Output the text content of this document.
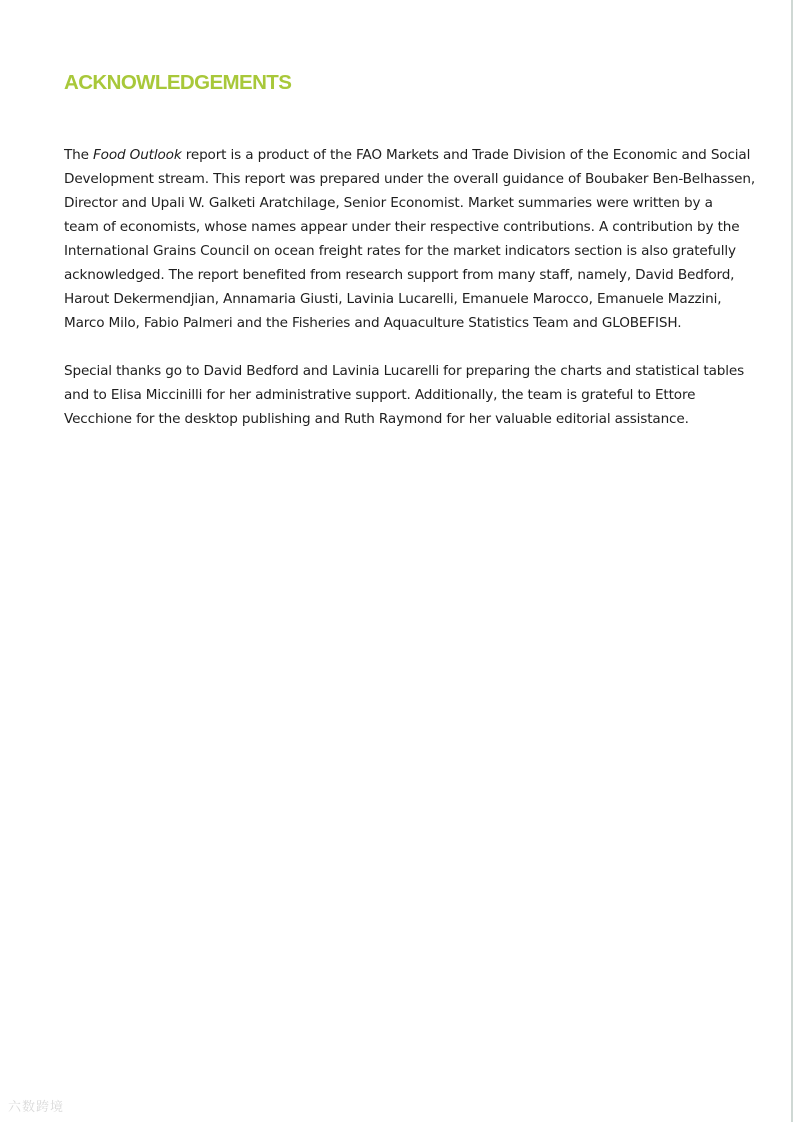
ACKNOWLEDGEMENTS

The Food Outlook report is a product of the FAO Markets and Trade Division of the Economic and Social
Development stream. This report was prepared under the overall guidance of Boubaker Ben-Belhassen,
Director and Upali W. Galketi Aratchilage, Senior Economist. Market summaries were written by a
team of economists, whose names appear under their respective contributions. A contribution by the
International Grains Council on ocean freight rates for the market indicators section is also gratefully
acknowledged. The report benefited from research support from many staff, namely, David Bedford,
Harout Dekermendjian, Annamaria Giusti, Lavinia Lucarelli, Emanuele Marocco, Emanuele Mazzini,
Marco Milo, Fabio Palmeri and the Fisheries and Aquaculture Statistics Team and GLOBEFISH.

Special thanks go to David Bedford and Lavinia Lucarelli for preparing the charts and statistical tables
and to Elisa Miccinilli for her administrative support. Additionally, the team is grateful to Ettore
Vecchione for the desktop publishing and Ruth Raymond for her valuable editorial assistance.

六数跨境
